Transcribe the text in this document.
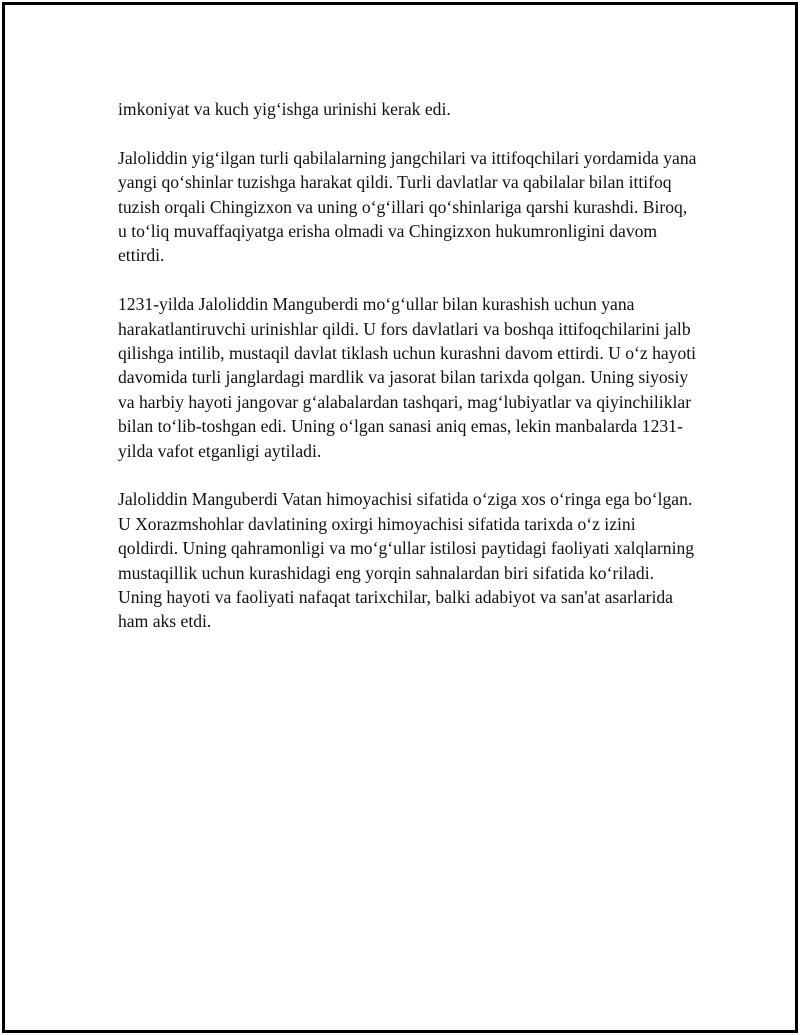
imkoniyat va kuch yig‘ishga urinishi kerak edi.

Jaloliddin yig‘ilgan turli qabilalarning jangchilari va ittifoqchilari yordamida yana yangi qo‘shinlar tuzishga harakat qildi. Turli davlatlar va qabilalar bilan ittifoq tuzish orqali Chingizxon va uning o‘g‘illari qo‘shinlariga qarshi kurashdi. Biroq, u to‘liq muvaffaqiyatga erisha olmadi va Chingizxon hukumronligini davom ettirdi.

1231-yilda Jaloliddin Manguberdi mo‘g‘ullar bilan kurashish uchun yana harakatlantiruvchi urinishlar qildi. U fors davlatlari va boshqa ittifoqchilarini jalb qilishga intilib, mustaqil davlat tiklash uchun kurashni davom ettirdi. U o‘z hayoti davomida turli janglardagi mardlik va jasorat bilan tarixda qolgan. Uning siyosiy va harbiy hayoti jangovar g‘alabalardan tashqari, mag‘lubiyatlar va qiyinchiliklar bilan to‘lib-toshgan edi. Uning o‘lgan sanasi aniq emas, lekin manbalarda 1231-yilda vafot etganligi aytiladi.

Jaloliddin Manguberdi Vatan himoyachisi sifatida o‘ziga xos o‘ringa ega bo‘lgan. U Xorazmshohlar davlatining oxirgi himoyachisi sifatida tarixda o‘z izini qoldirdi. Uning qahramonligi va mo‘g‘ullar istilosi paytidagi faoliyati xalqlarning mustaqillik uchun kurashidagi eng yorqin sahnalardan biri sifatida ko‘riladi. Uning hayoti va faoliyati nafaqat tarixchilar, balki adabiyot va san'at asarlarida ham aks etdi.
